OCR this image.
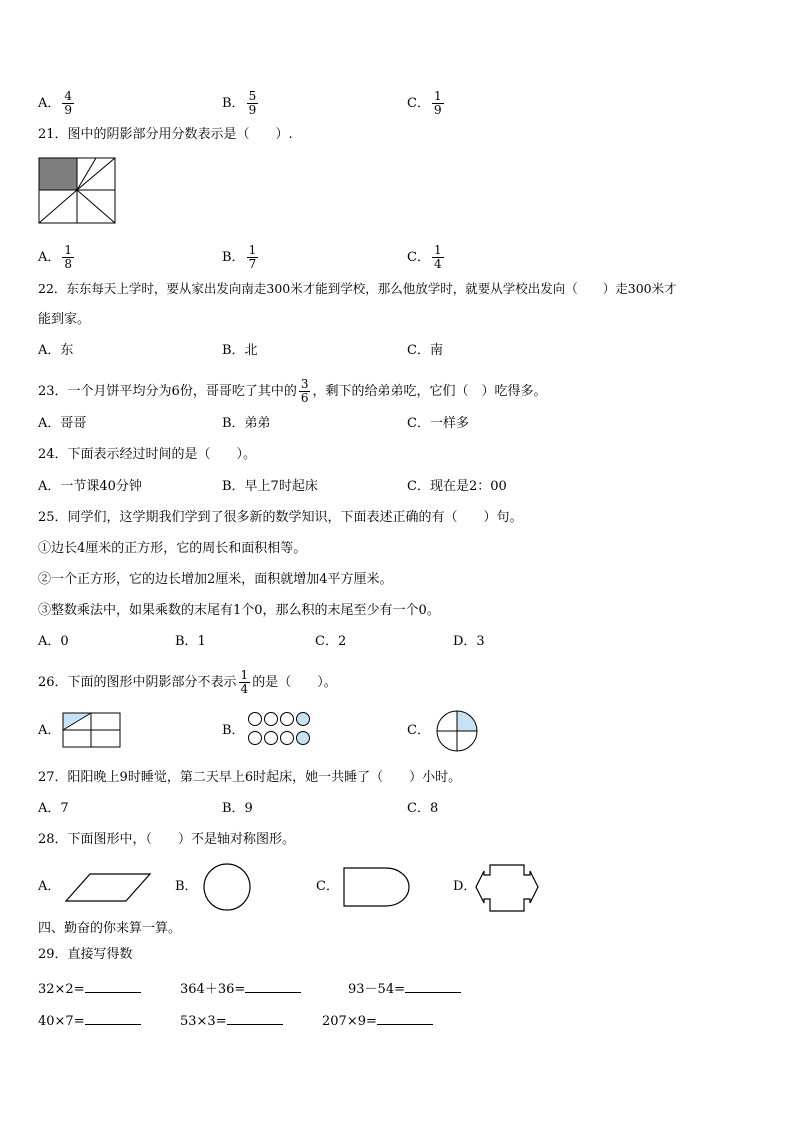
A． $\frac{4}{9}$	B． $\frac{5}{9}$	C． $\frac{1}{9}$
21．图中的阴影部分用分数表示是（　　）.
A． $\frac{1}{8}$	B． $\frac{1}{7}$	C． $\frac{1}{4}$
22．东东每天上学时，要从家出发向南走300米才能到学校，那么他放学时，就要从学校出发向（　　）走300米才
能到家。
A．东	B．北	C．南
23．一个月饼平均分为6份，哥哥吃了其中的 $\frac{3}{6}$ ，剩下的给弟弟吃，它们（　）吃得多。
A．哥哥	B．弟弟	C．一样多
24．下面表示经过时间的是（　　）。
A．一节课40分钟	B．早上7时起床	C．现在是2：00
25．同学们，这学期我们学到了很多新的数学知识，下面表述正确的有（　　）句。
①边长4厘米的正方形，它的周长和面积相等。
②一个正方形，它的边长增加2厘米，面积就增加4平方厘米。
③整数乘法中，如果乘数的末尾有1个0，那么积的末尾至少有一个0。
A．0	B．1	C．2	D．3
26．下面的图形中阴影部分不表示 $\frac{1}{4}$ 的是（　　）。
A．	B．	C．
27．阳阳晚上9时睡觉，第二天早上6时起床，她一共睡了（　　）小时。
A．7	B．9	C．8
28．下面图形中，（　　）不是轴对称图形。
A．	B．	C．	D．
四、勤奋的你来算一算。
29．直接写得数
32×2=	364＋36=	93－54=
40×7=	53×3=	207×9=
